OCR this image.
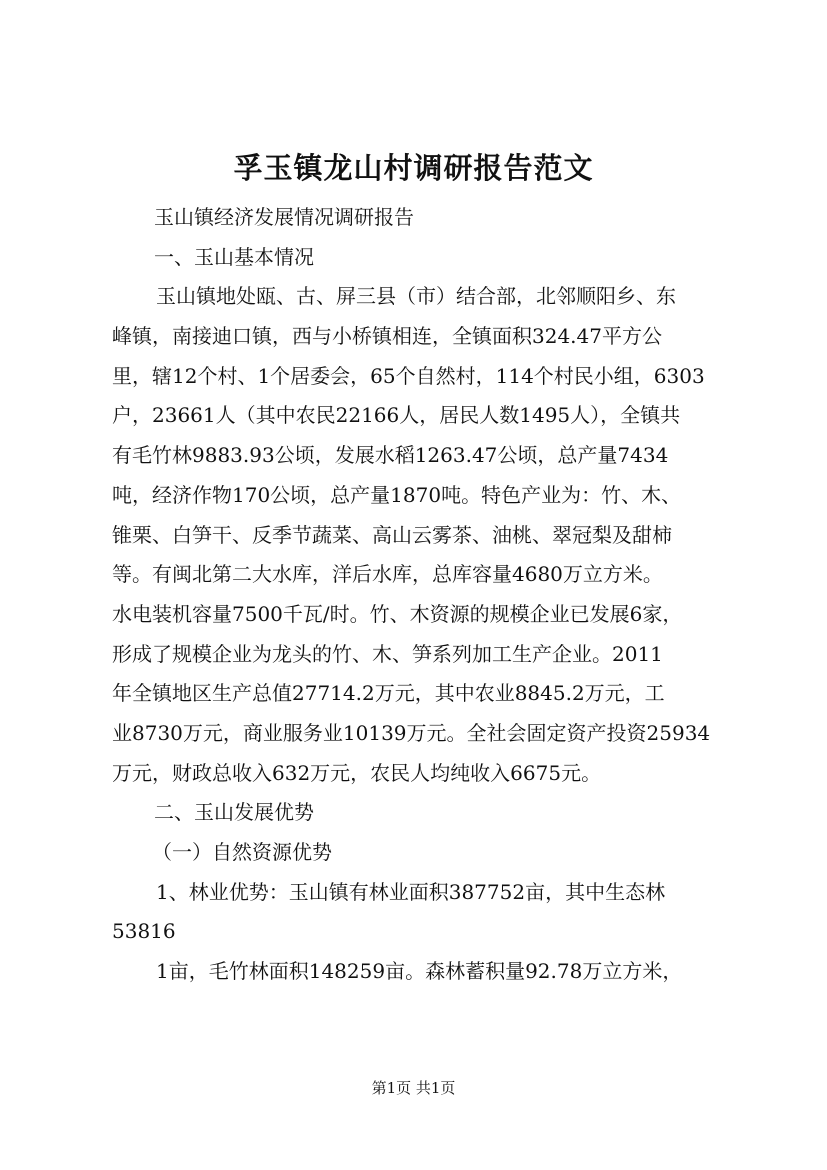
孚玉镇龙山村调研报告范文
玉山镇经济发展情况调研报告
一、玉山基本情况
玉山镇地处瓯、古、屏三县（市）结合部，北邻顺阳乡、东
峰镇，南接迪口镇，西与小桥镇相连，全镇面积324.47平方公
里，辖12个村、1个居委会，65个自然村，114个村民小组，6303
户，23661人（其中农民22166人，居民人数1495人），全镇共
有毛竹林9883.93公顷，发展水稻1263.47公顷，总产量7434
吨，经济作物170公顷，总产量1870吨。特色产业为：竹、木、
锥栗、白笋干、反季节蔬菜、高山云雾茶、油桃、翠冠梨及甜柿
等。有闽北第二大水库，洋后水库，总库容量4680万立方米。
水电装机容量7500千瓦/时。竹、木资源的规模企业已发展6家，
形成了规模企业为龙头的竹、木、笋系列加工生产企业。2011
年全镇地区生产总值27714.2万元，其中农业8845.2万元，工
业8730万元，商业服务业10139万元。全社会固定资产投资25934
万元，财政总收入632万元，农民人均纯收入6675元。
二、玉山发展优势
（一）自然资源优势
1、林业优势：玉山镇有林业面积387752亩，其中生态林
53816
1亩，毛竹林面积148259亩。森林蓄积量92.78万立方米，
第1页 共1页
